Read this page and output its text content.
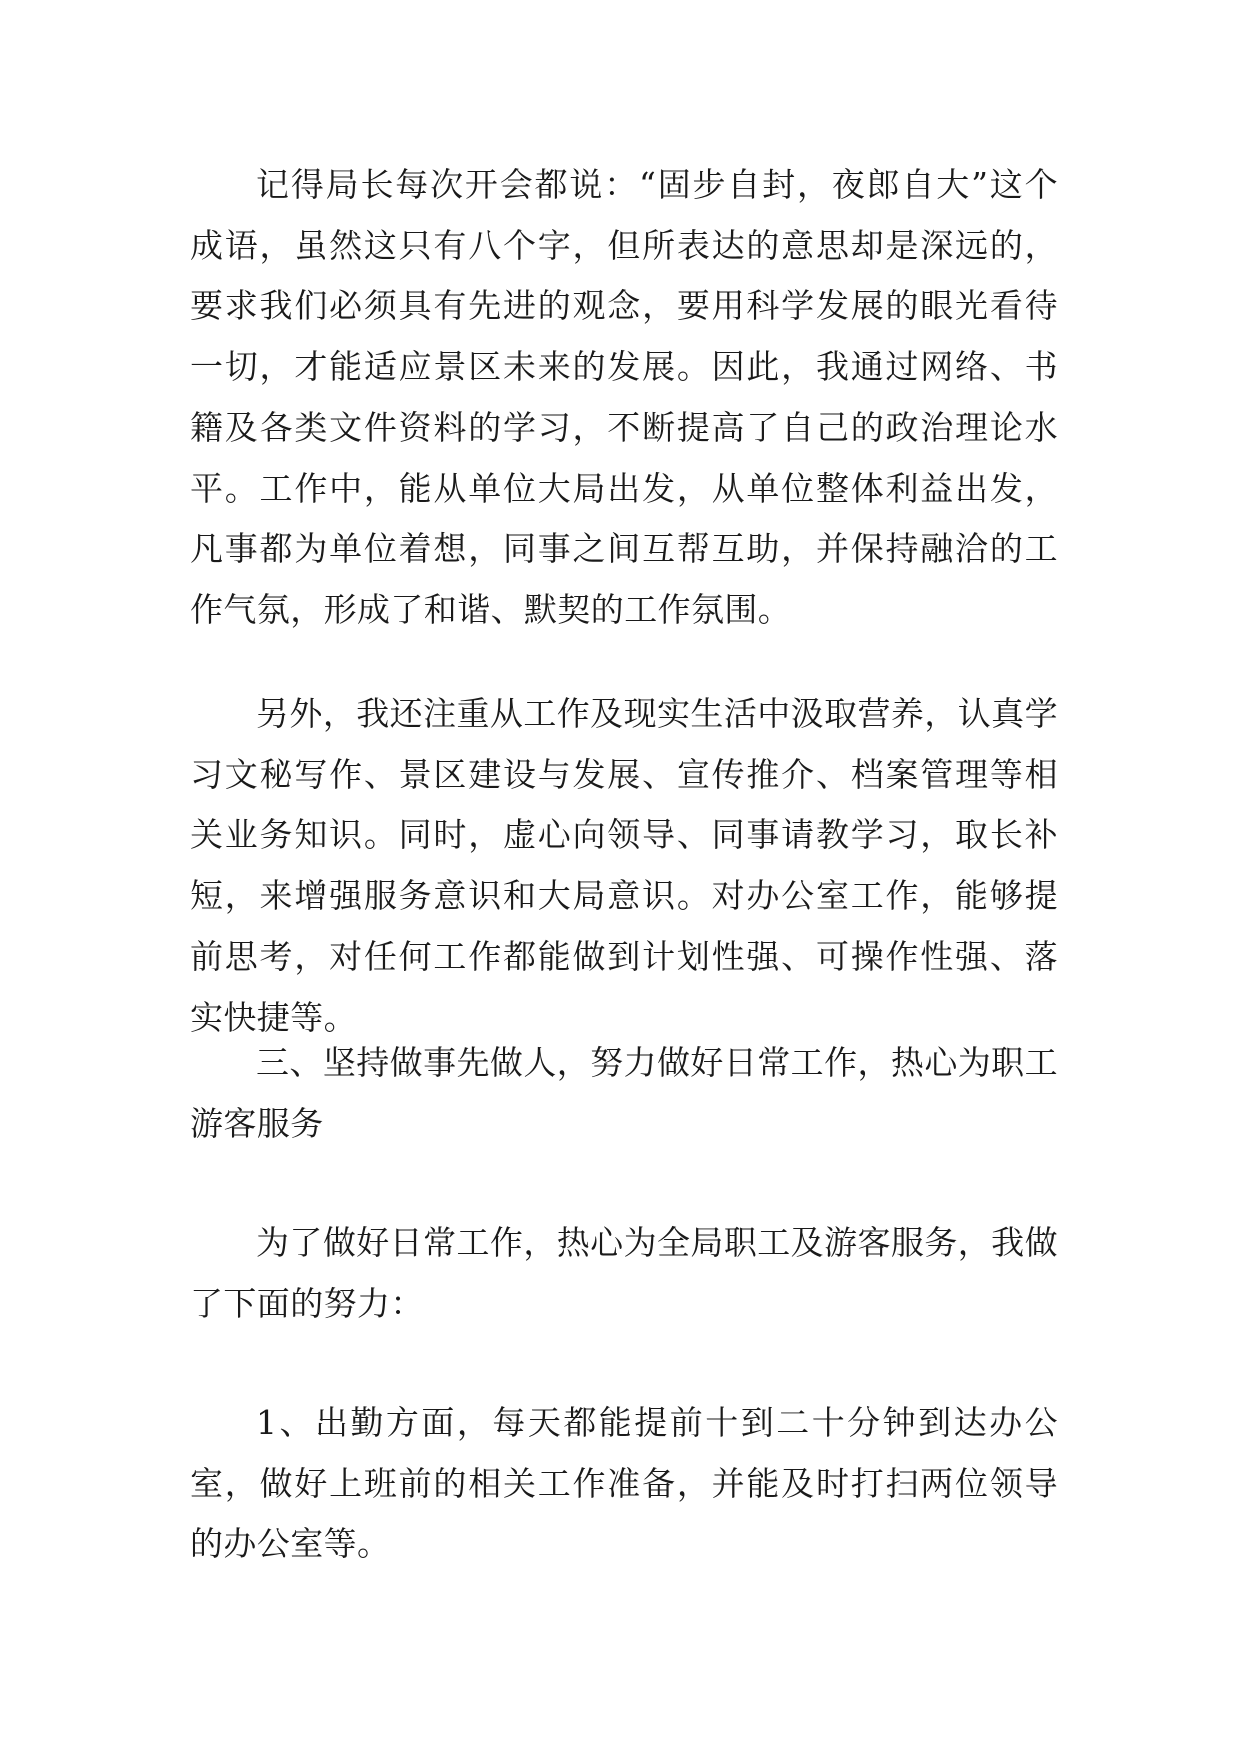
记得局长每次开会都说：“固步自封，夜郎自大”这个成语，虽然这只有八个字，但所表达的意思却是深远的，要求我们必须具有先进的观念，要用科学发展的眼光看待一切，才能适应景区未来的发展。因此，我通过网络、书籍及各类文件资料的学习，不断提高了自己的政治理论水平。工作中，能从单位大局出发，从单位整体利益出发，凡事都为单位着想，同事之间互帮互助，并保持融洽的工作气氛，形成了和谐、默契的工作氛围。

另外，我还注重从工作及现实生活中汲取营养，认真学习文秘写作、景区建设与发展、宣传推介、档案管理等相关业务知识。同时，虚心向领导、同事请教学习，取长补短，来增强服务意识和大局意识。对办公室工作，能够提前思考，对任何工作都能做到计划性强、可操作性强、落实快捷等。

三、坚持做事先做人，努力做好日常工作，热心为职工游客服务

为了做好日常工作，热心为全局职工及游客服务，我做了下面的努力：

1、出勤方面，每天都能提前十到二十分钟到达办公室，做好上班前的相关工作准备，并能及时打扫两位领导的办公室等。
